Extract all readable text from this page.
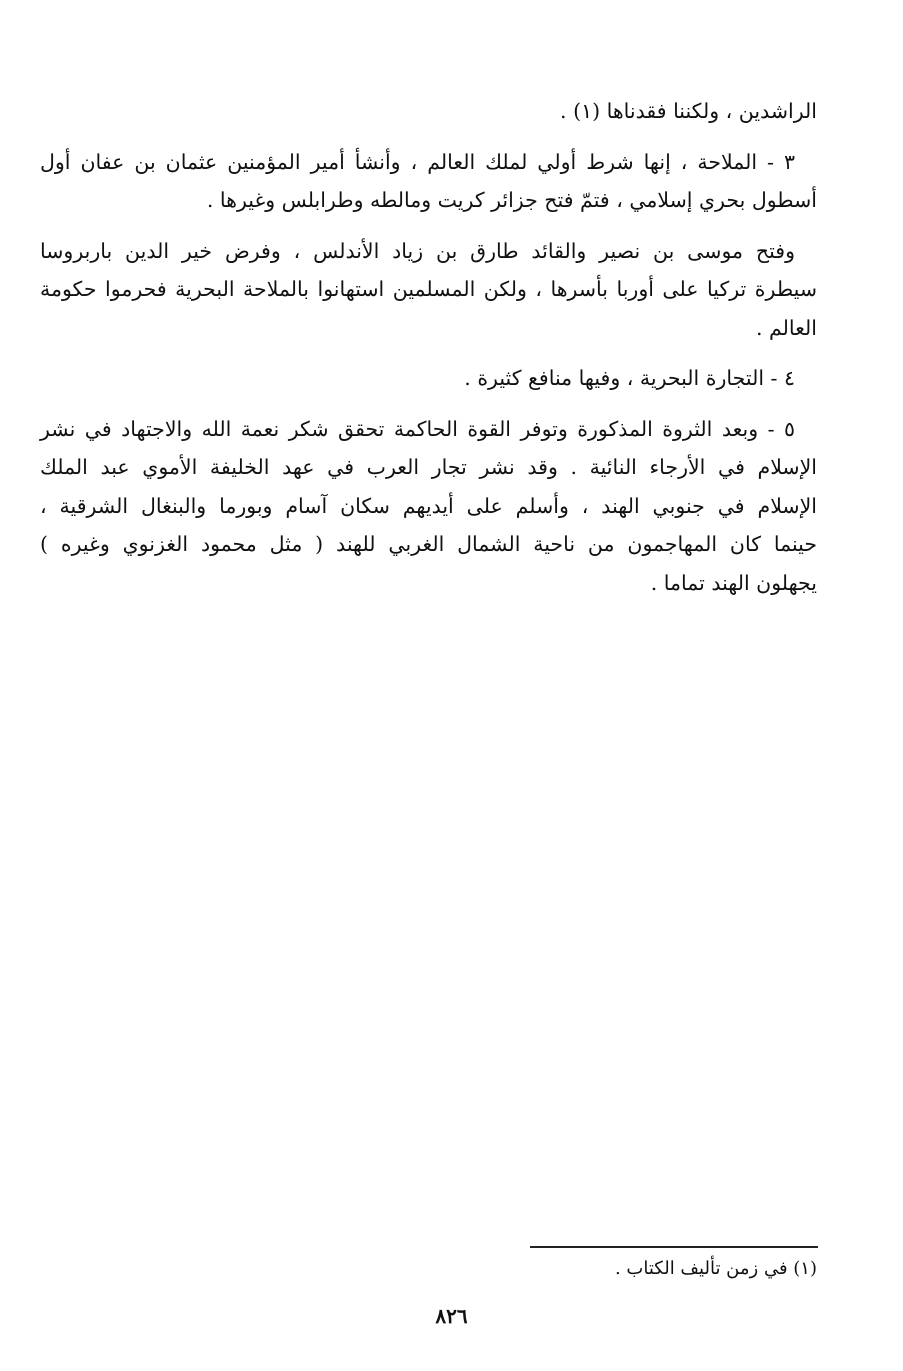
الراشدين ، ولكننا فقدناها (١) .

٣ - الملاحة ، إنها شرط أولي لملك العالم ، وأنشأ أمير المؤمنين عثمان بن عفان أول
أسطول بحري إسلامي ، فتمّ فتح جزائر كريت ومالطه وطرابلس وغيرها .

وفتح موسى بن نصير والقائد طارق بن زياد الأندلس ، وفرض خير الدين باربروسا
سيطرة تركيا على أوربا بأسرها ، ولكن المسلمين استهانوا بالملاحة البحرية فحرموا حكومة
العالم .

٤ - التجارة البحرية ، وفيها منافع كثيرة .

٥ - وبعد الثروة المذكورة وتوفر القوة الحاكمة تحقق شكر نعمة الله والاجتهاد في نشر
الإسلام في الأرجاء النائية . وقد نشر تجار العرب في عهد الخليفة الأموي عبد الملك
الإسلام في جنوبي الهند ، وأسلم على أيديهم سكان آسام وبورما والبنغال الشرقية ،
حينما كان المهاجمون من ناحية الشمال الغربي للهند ( مثل محمود الغزنوي وغيره )
يجهلون الهند تماما .

(١) في زمن تأليف الكتاب .
٨٢٦
